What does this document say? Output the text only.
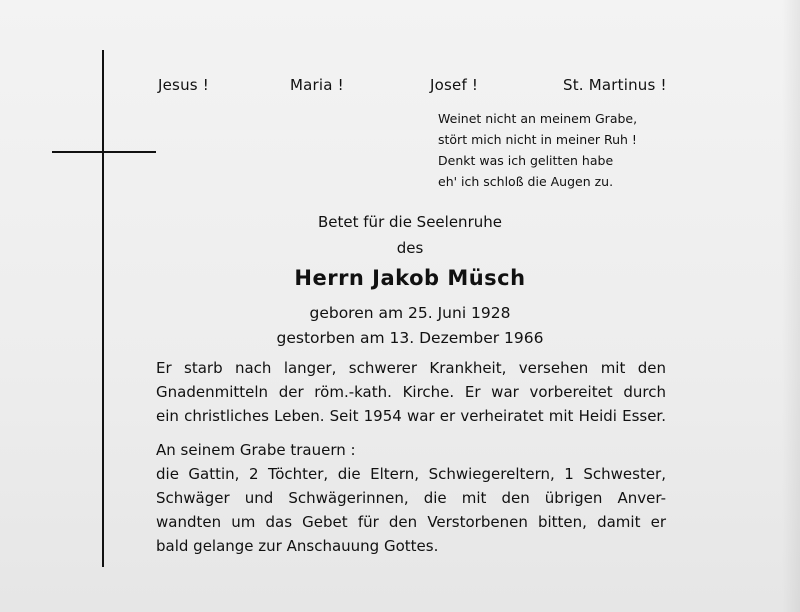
Jesus !	Maria !	Josef !	St. Martinus !
Weinet nicht an meinem Grabe,
stört mich nicht in meiner Ruh !
Denkt was ich gelitten habe
eh' ich schloß die Augen zu.
Betet für die Seelenruhe
des
Herrn Jakob Müsch
geboren am 25. Juni 1928
gestorben am 13. Dezember 1966
Er starb nach langer, schwerer Krankheit, versehen mit den
Gnadenmitteln der röm.-kath. Kirche. Er war vorbereitet durch
ein christliches Leben. Seit 1954 war er verheiratet mit Heidi Esser.
An seinem Grabe trauern :
die Gattin, 2 Töchter, die Eltern, Schwiegereltern, 1 Schwester,
Schwäger und Schwägerinnen, die mit den übrigen Anver-
wandten um das Gebet für den Verstorbenen bitten, damit er
bald gelange zur Anschauung Gottes.
